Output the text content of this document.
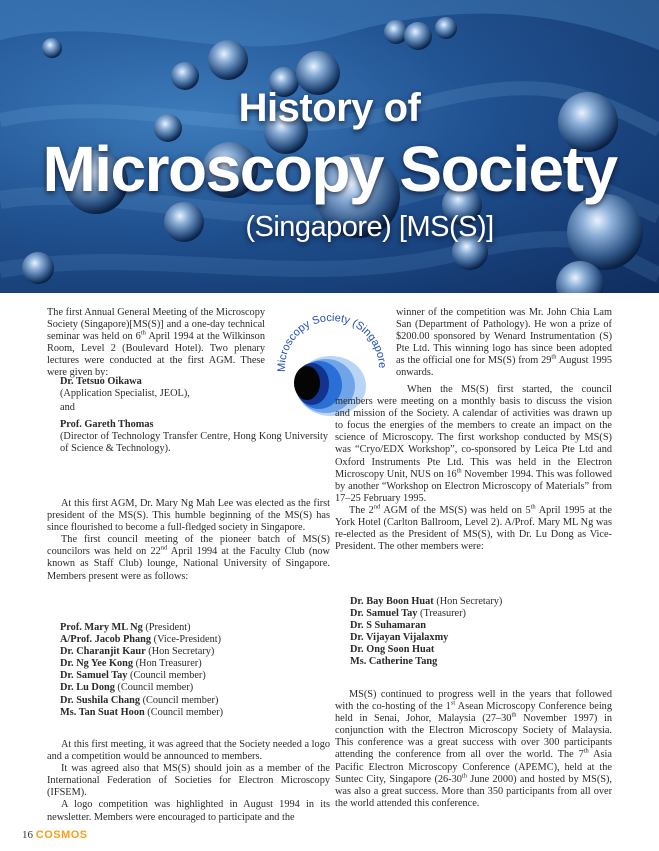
History of
Microscopy Society
(Singapore) [MS(S)]
Microscopy Society (Singapore

The first Annual General Meeting of the Microscopy Society (Singapore)[MS(S)] and a one-day technical seminar was held on 6th April 1994 at the Wilkinson Room, Level 2 (Boulevard Hotel). Two plenary lectures were conducted at the first AGM. These were given by:

Dr. Tetsuo Oikawa
(Application Specialist, JEOL),
and
Prof. Gareth Thomas
(Director of Technology Transfer Centre, Hong Kong University of Science & Technology).

At this first AGM, Dr. Mary Ng Mah Lee was elected as the first president of the MS(S). This humble beginning of the MS(S) has since flourished to become a full-fledged society in Singapore.

The first council meeting of the pioneer batch of MS(S) councilors was held on 22nd April 1994 at the Faculty Club (now known as Staff Club) lounge, National University of Singapore. Members present were as follows:

Prof. Mary ML Ng (President)
A/Prof. Jacob Phang (Vice-President)
Dr. Charanjit Kaur (Hon Secretary)
Dr. Ng Yee Kong (Hon Treasurer)
Dr. Samuel Tay (Council member)
Dr. Lu Dong (Council member)
Dr. Sushila Chang (Council member)
Ms. Tan Suat Hoon (Council member)

At this first meeting, it was agreed that the Society needed a logo and a competition would be announced to members.

It was agreed also that MS(S) should join as a member of the International Federation of Societies for Electron Microscopy (IFSEM).

A logo competition was highlighted in August 1994 in its newsletter. Members were encouraged to participate and the

winner of the competition was Mr. John Chia Lam San (Department of Pathology). He won a prize of $200.00 sponsored by Wenard Instrumentation (S) Pte Ltd. This winning logo has since been adopted as the official one for MS(S) from 29th August 1995 onwards.

When the MS(S) first started, the council members were meeting on a monthly basis to discuss the vision and mission of the Society. A calendar of activities was drawn up to focus the energies of the members to create an impact on the science of Microscopy. The first workshop conducted by MS(S) was “Cryo/EDX Workshop”, co-sponsored by Leica Pte Ltd and Oxford Instruments Pte Ltd. This was held in the Electron Microscopy Unit, NUS on 16th November 1994. This was followed by another “Workshop on Electron Microscopy of Materials” from 17–25 February 1995.

The 2nd AGM of the MS(S) was held on 5th April 1995 at the York Hotel (Carlton Ballroom, Level 2). A/Prof. Mary ML Ng was re-elected as the President of MS(S), with Dr. Lu Dong as Vice-President. The other members were:

Dr. Bay Boon Huat (Hon Secretary)
Dr. Samuel Tay (Treasurer)
Dr. S Suhamaran
Dr. Vijayan Vijalaxmy
Dr. Ong Soon Huat
Ms. Catherine Tang

MS(S) continued to progress well in the years that followed with the co-hosting of the 1st Asean Microscopy Conference being held in Senai, Johor, Malaysia (27–30th November 1997) in conjunction with the Electron Microscopy Society of Malaysia. This conference was a great success with over 300 participants attending the conference from all over the world. The 7th Asia Pacific Electron Microscopy Conference (APEMC), held at the Suntec City, Singapore (26-30th June 2000) and hosted by MS(S), was also a great success. More than 350 participants from all over the world attended this conference.

16 COSMOS
